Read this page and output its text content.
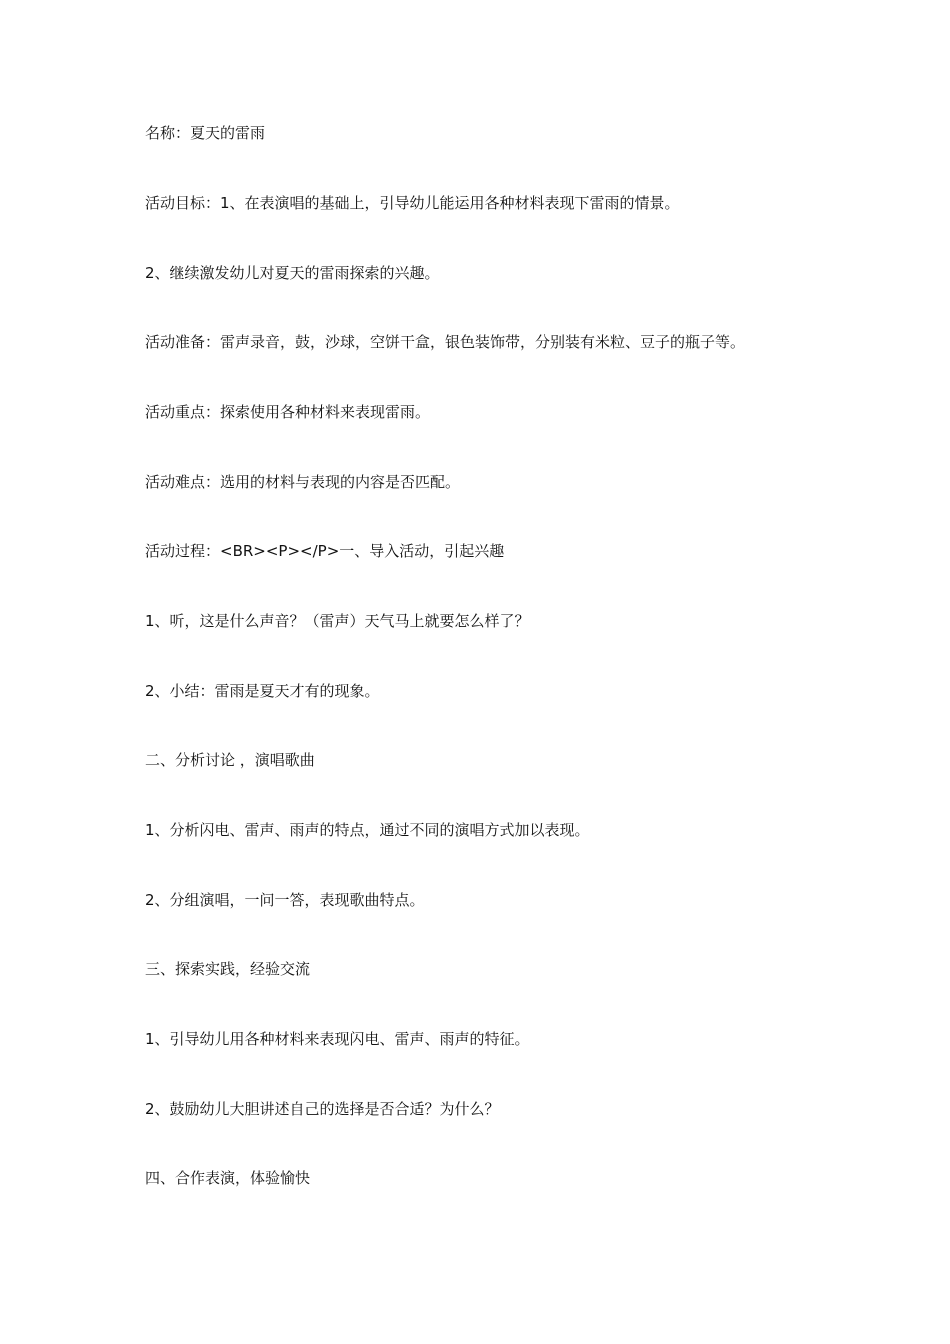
名称：夏天的雷雨
活动目标：1、在表演唱的基础上，引导幼儿能运用各种材料表现下雷雨的情景。
2、继续激发幼儿对夏天的雷雨探索的兴趣。
活动准备：雷声录音，鼓，沙球，空饼干盒，银色装饰带，分别装有米粒、豆子的瓶子等。
活动重点：探索使用各种材料来表现雷雨。
活动难点：选用的材料与表现的内容是否匹配。
活动过程：<BR><P></P>一、导入活动，引起兴趣
1、听，这是什么声音？（雷声）天气马上就要怎么样了？
2、小结：雷雨是夏天才有的现象。
二、分析讨论 ，演唱歌曲
1、分析闪电、雷声、雨声的特点，通过不同的演唱方式加以表现。
2、分组演唱，一问一答，表现歌曲特点。
三、探索实践，经验交流
1、引导幼儿用各种材料来表现闪电、雷声、雨声的特征。
2、鼓励幼儿大胆讲述自己的选择是否合适？为什么？
四、合作表演，体验愉快
